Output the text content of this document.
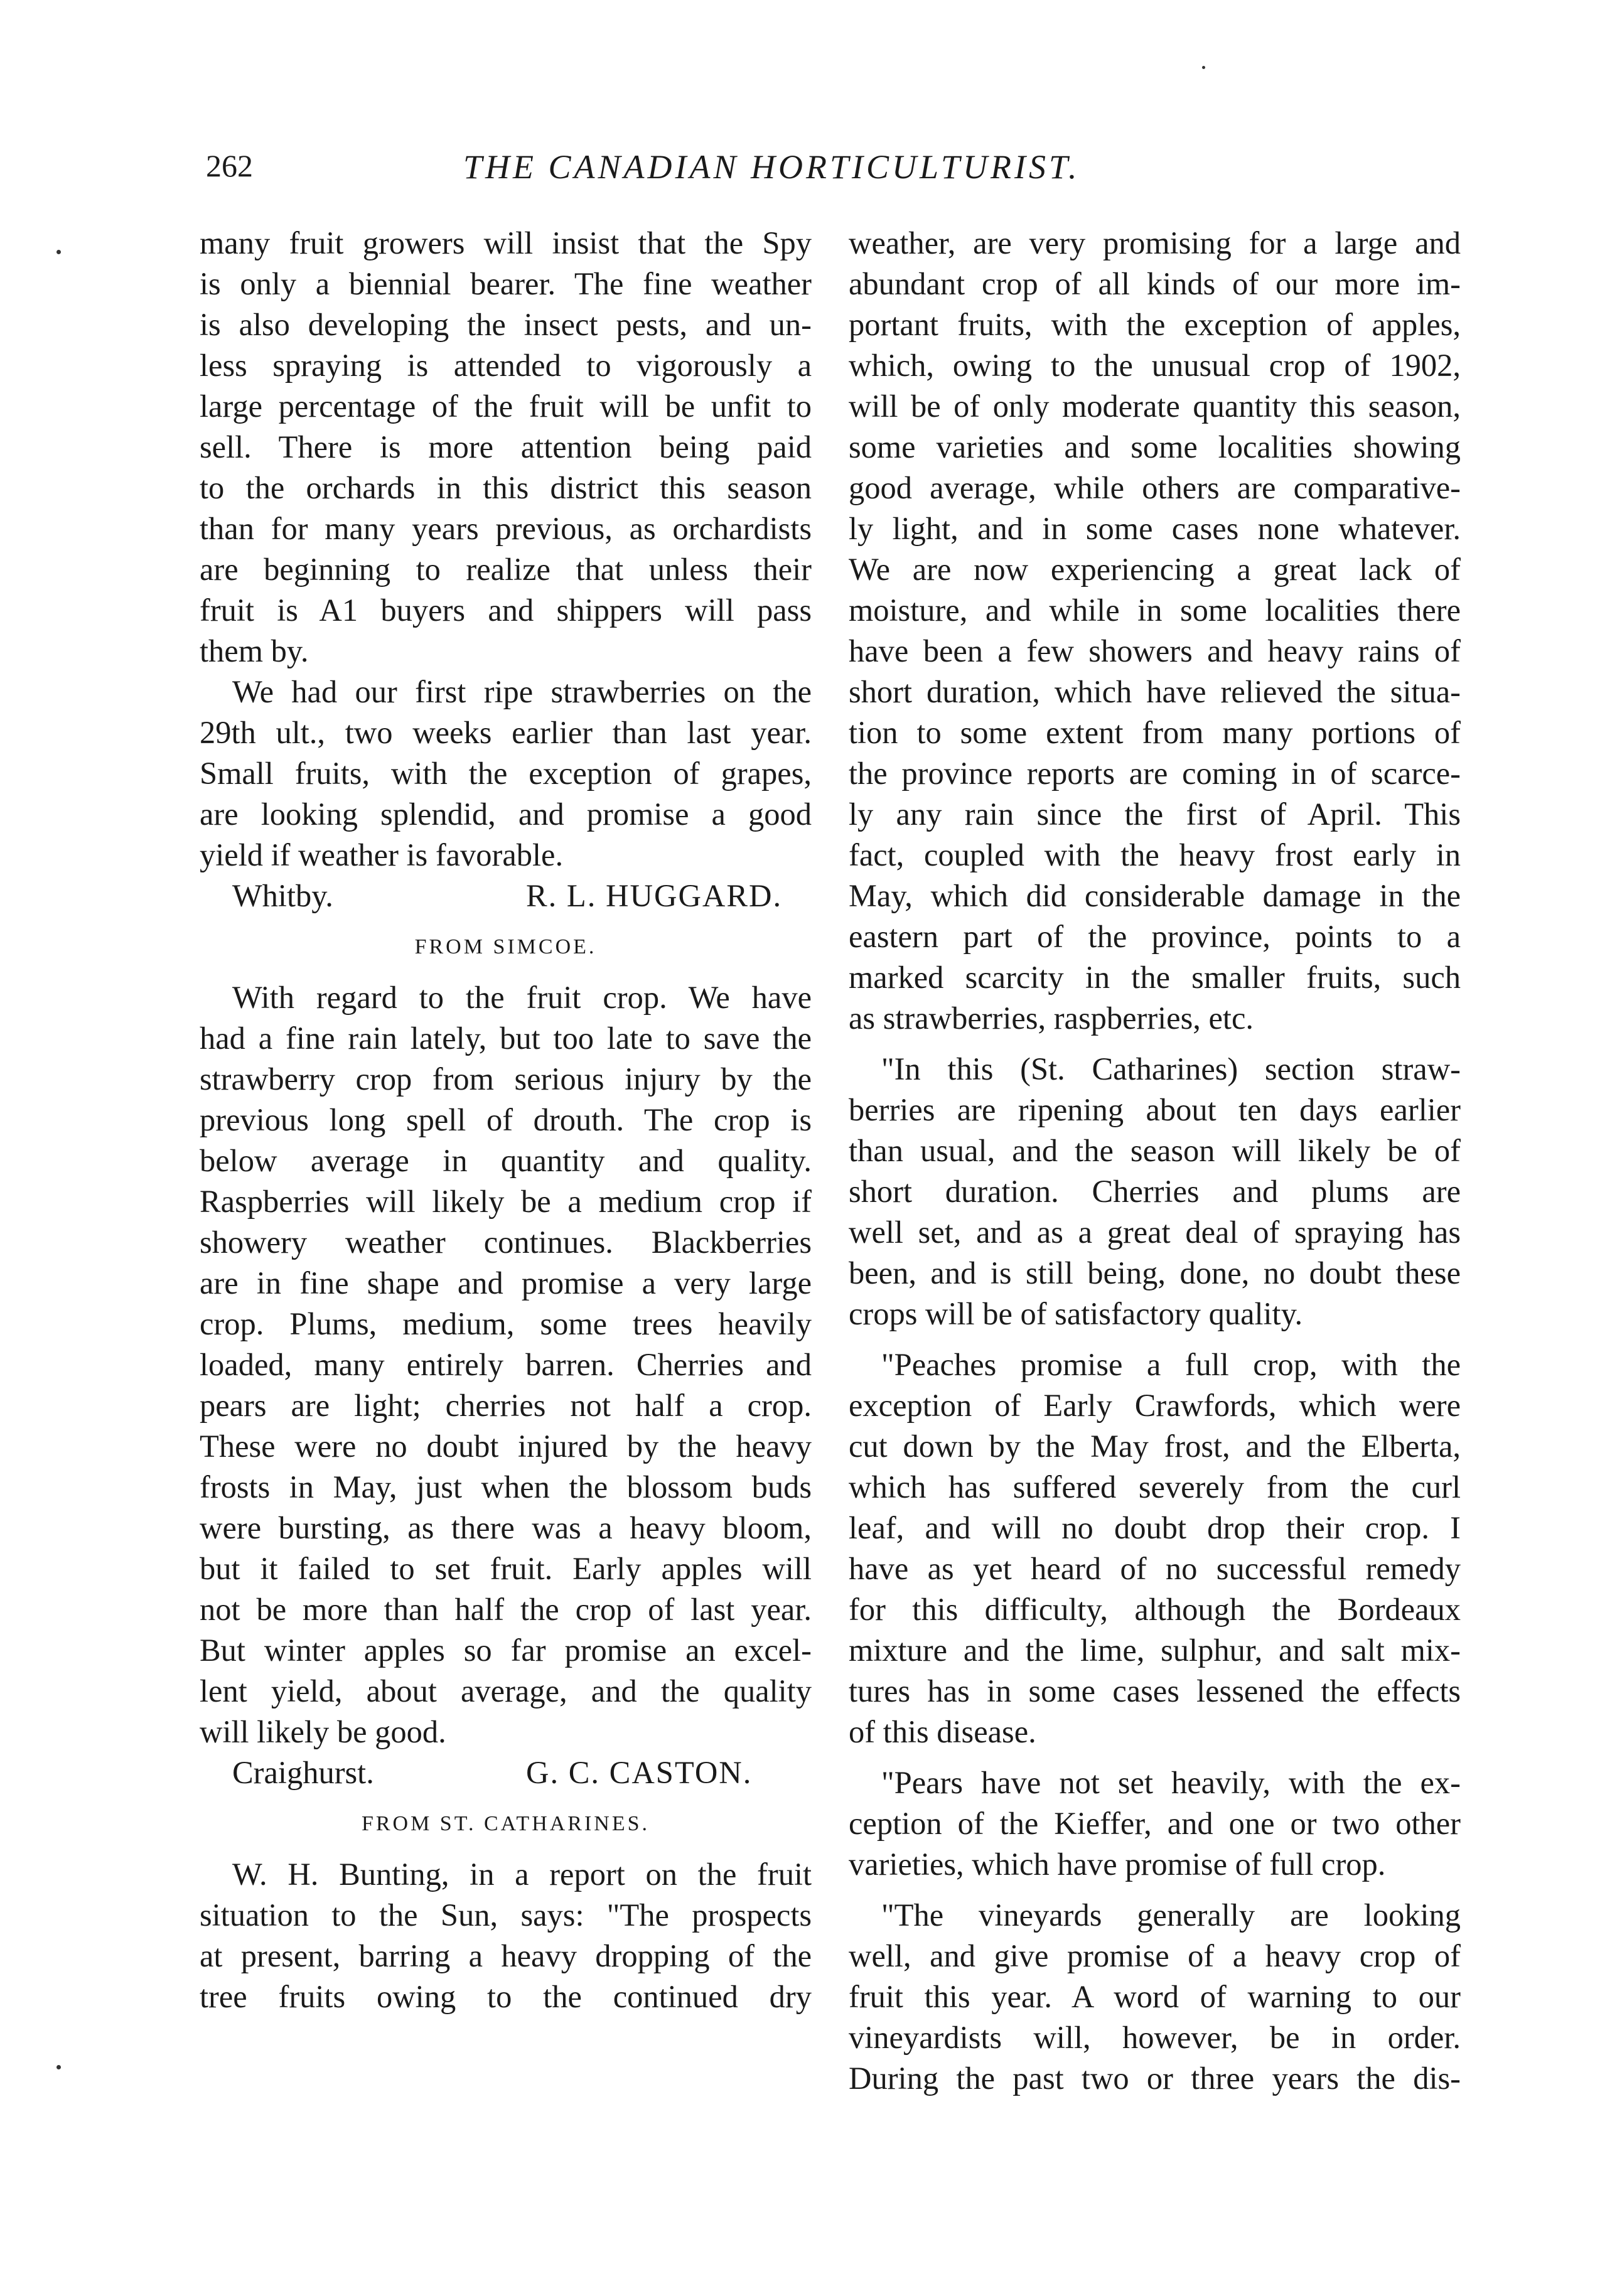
262	THE CANADIAN HORTICULTURIST.
many fruit growers will insist that the Spy
is only a biennial bearer. The fine weather
is also developing the insect pests, and un-
less spraying is attended to vigorously a
large percentage of the fruit will be unfit to
sell. There is more attention being paid
to the orchards in this district this season
than for many years previous, as orchardists
are beginning to realize that unless their
fruit is A1 buyers and shippers will pass
them by.
We had our first ripe strawberries on the
29th ult., two weeks earlier than last year.
Small fruits, with the exception of grapes,
are looking splendid, and promise a good
yield if weather is favorable.
Whitby.	R. L. HUGGARD.
FROM SIMCOE.
With regard to the fruit crop. We have
had a fine rain lately, but too late to save the
strawberry crop from serious injury by the
previous long spell of drouth. The crop is
below average in quantity and quality.
Raspberries will likely be a medium crop if
showery weather continues. Blackberries
are in fine shape and promise a very large
crop. Plums, medium, some trees heavily
loaded, many entirely barren. Cherries and
pears are light; cherries not half a crop.
These were no doubt injured by the heavy
frosts in May, just when the blossom buds
were bursting, as there was a heavy bloom,
but it failed to set fruit. Early apples will
not be more than half the crop of last year.
But winter apples so far promise an excel-
lent yield, about average, and the quality
will likely be good.
Craighurst.	G. C. CASTON.
FROM ST. CATHARINES.
W. H. Bunting, in a report on the fruit
situation to the Sun, says: "The prospects
at present, barring a heavy dropping of the
tree fruits owing to the continued dry
weather, are very promising for a large and
abundant crop of all kinds of our more im-
portant fruits, with the exception of apples,
which, owing to the unusual crop of 1902,
will be of only moderate quantity this season,
some varieties and some localities showing
good average, while others are comparative-
ly light, and in some cases none whatever.
We are now experiencing a great lack of
moisture, and while in some localities there
have been a few showers and heavy rains of
short duration, which have relieved the situa-
tion to some extent from many portions of
the province reports are coming in of scarce-
ly any rain since the first of April. This
fact, coupled with the heavy frost early in
May, which did considerable damage in the
eastern part of the province, points to a
marked scarcity in the smaller fruits, such
as strawberries, raspberries, etc.
"In this (St. Catharines) section straw-
berries are ripening about ten days earlier
than usual, and the season will likely be of
short duration. Cherries and plums are
well set, and as a great deal of spraying has
been, and is still being, done, no doubt these
crops will be of satisfactory quality.
"Peaches promise a full crop, with the
exception of Early Crawfords, which were
cut down by the May frost, and the Elberta,
which has suffered severely from the curl
leaf, and will no doubt drop their crop. I
have as yet heard of no successful remedy
for this difficulty, although the Bordeaux
mixture and the lime, sulphur, and salt mix-
tures has in some cases lessened the effects
of this disease.
"Pears have not set heavily, with the ex-
ception of the Kieffer, and one or two other
varieties, which have promise of full crop.
"The vineyards generally are looking
well, and give promise of a heavy crop of
fruit this year. A word of warning to our
vineyardists will, however, be in order.
During the past two or three years the dis-
